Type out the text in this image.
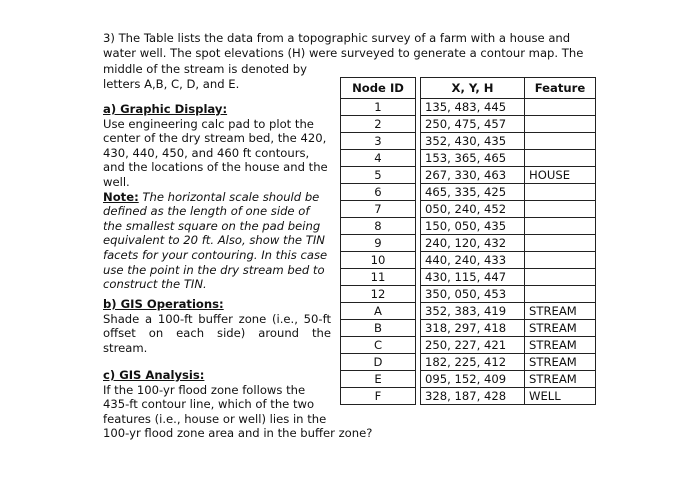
3) The Table lists the data from a topographic survey of a farm with a house and

water well. The spot elevations (H) were surveyed to generate a contour map. The

middle of the stream is denoted by

letters A,B, C, D, and E.

a) Graphic Display:

Use engineering calc pad to plot the center of the dry stream bed, the 420, 430, 440, 450, and 460 ft contours, and the locations of the house and the well.

Note: The horizontal scale should be defined as the length of one side of the smallest square on the pad being equivalent to 20 ft. Also, show the TIN facets for your contouring. In this case use the point in the dry stream bed to construct the TIN.

b) GIS Operations:

Shade a 100-ft buffer zone (i.e., 50-ft offset on each side) around the stream.

c) GIS Analysis:

If the 100-yr flood zone follows the 435-ft contour line, which of the two features (i.e., house or well) lies in the

100-yr flood zone area and in the buffer zone?

Node ID		X, Y, H	Feature
1		135, 483, 445	
2		250, 475, 457	
3		352, 430, 435	
4		153, 365, 465	
5		267, 330, 463	HOUSE
6		465, 335, 425	
7		050, 240, 452	
8		150, 050, 435	
9		240, 120, 432	
10		440, 240, 433	
11		430, 115, 447	
12		350, 050, 453	
A		352, 383, 419	STREAM
B		318, 297, 418	STREAM
C		250, 227, 421	STREAM
D		182, 225, 412	STREAM
E		095, 152, 409	STREAM
F		328, 187, 428	WELL
